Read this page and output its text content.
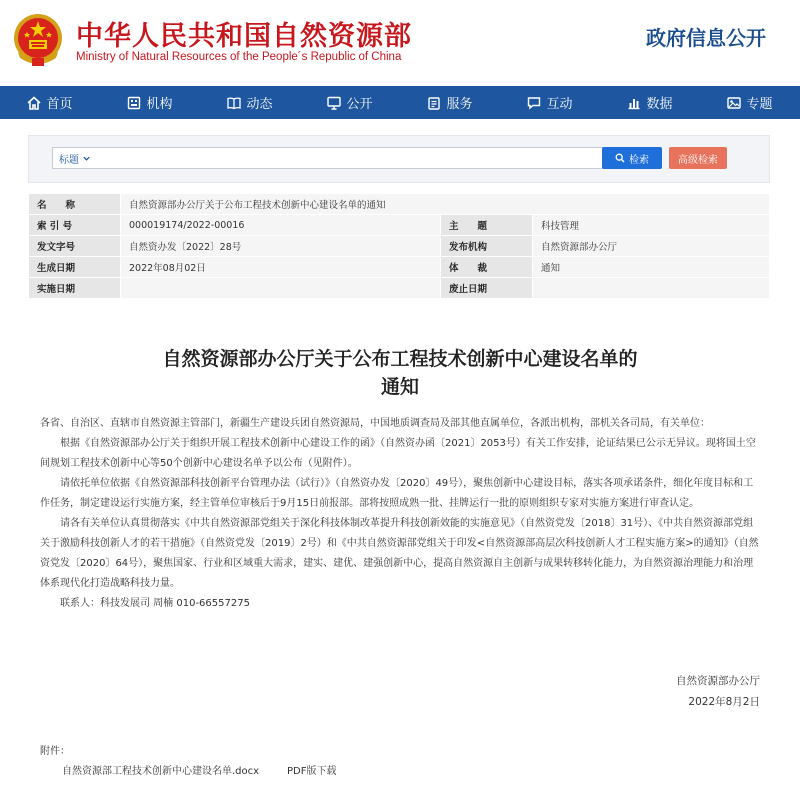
中华人民共和国自然资源部
Ministry of Natural Resources of the People´s Republic of China
政府信息公开
首页	机构	动态	公开	服务	互动	数据	专题
标题	检索	高级检索
名　　称	自然资源部办公厅关于公布工程技术创新中心建设名单的通知		
索 引 号	000019174/2022-00016	主　　题	科技管理
发文字号	自然资办发〔2022〕28号	发布机构	自然资源部办公厅
生成日期	2022年08月02日	体　　裁	通知
实施日期		废止日期	
自然资源部办公厅关于公布工程技术创新中心建设名单的
通知

各省、自治区、直辖市自然资源主管部门，新疆生产建设兵团自然资源局，中国地质调查局及部其他直属单位，各派出机构，部机关各司局，有关单位：

根据《自然资源部办公厅关于组织开展工程技术创新中心建设工作的函》（自然资办函〔2021〕2053号）有关工作安排，论证结果已公示无异议。现将国土空间规划工程技术创新中心等50个创新中心建设名单予以公布（见附件）。

请依托单位依据《自然资源部科技创新平台管理办法（试行）》（自然资办发〔2020〕49号），聚焦创新中心建设目标，落实各项承诺条件，细化年度目标和工作任务，制定建设运行实施方案，经主管单位审核后于9月15日前报部。部将按照成熟一批、挂牌运行一批的原则组织专家对实施方案进行审查认定。

请各有关单位认真贯彻落实《中共自然资源部党组关于深化科技体制改革提升科技创新效能的实施意见》（自然资党发〔2018〕31号）、《中共自然资源部党组关于激励科技创新人才的若干措施》（自然资党发〔2019〕2号）和《中共自然资源部党组关于印发<自然资源部高层次科技创新人才工程实施方案>的通知》（自然资党发〔2020〕64号），聚焦国家、行业和区域重大需求，建实、建优、建强创新中心，提高自然资源自主创新与成果转移转化能力，为自然资源治理能力和治理体系现代化打造战略科技力量。

联系人：科技发展司 周楠 010-66557275

自然资源部办公厅
2022年8月2日
附件：
自然资源部工程技术创新中心建设名单.docx	PDF版下载
